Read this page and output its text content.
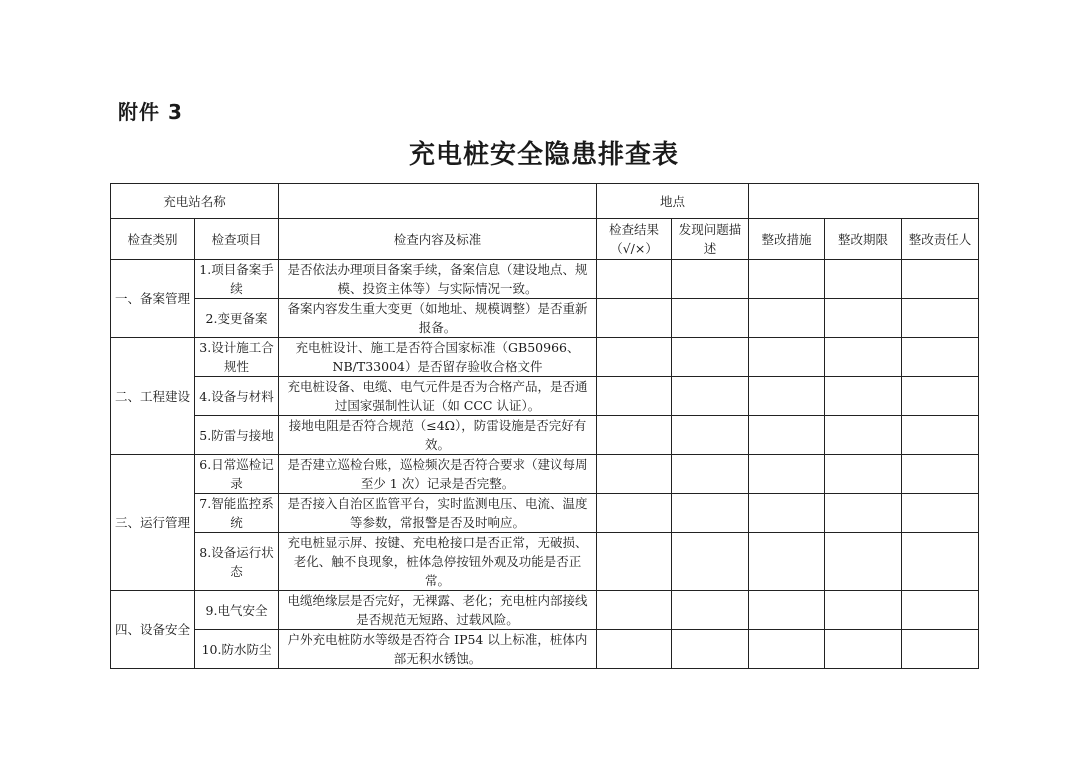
附件 3
充电桩安全隐患排查表
充电站名称			地点				
检查类别	检查项目	检查内容及标准	检查结果（√/×）	发现问题描述	整改措施	整改期限	整改责任人
一、备案管理	1.项目备案手续	是否依法办理项目备案手续，备案信息（建设地点、规模、投资主体等）与实际情况一致。					
	2.变更备案	备案内容发生重大变更（如地址、规模调整）是否重新报备。					
二、工程建设	3.设计施工合规性	充电桩设计、施工是否符合国家标准（GB50966、NB/T33004）是否留存验收合格文件					
	4.设备与材料	充电桩设备、电缆、电气元件是否为合格产品，是否通过国家强制性认证（如 CCC 认证）。					
	5.防雷与接地	接地电阻是否符合规范（≤4Ω），防雷设施是否完好有效。					
三、运行管理	6.日常巡检记录	是否建立巡检台账，巡检频次是否符合要求（建议每周至少 1 次）记录是否完整。					
	7.智能监控系统	是否接入自治区监管平台，实时监测电压、电流、温度等参数，常报警是否及时响应。					
	8.设备运行状态	充电桩显示屏、按键、充电枪接口是否正常，无破损、老化、触不良现象，桩体急停按钮外观及功能是否正常。					
四、设备安全	9.电气安全	电缆绝缘层是否完好，无裸露、老化；充电桩内部接线是否规范无短路、过载风险。					
	10.防水防尘	户外充电桩防水等级是否符合 IP54 以上标准，桩体内部无积水锈蚀。					
